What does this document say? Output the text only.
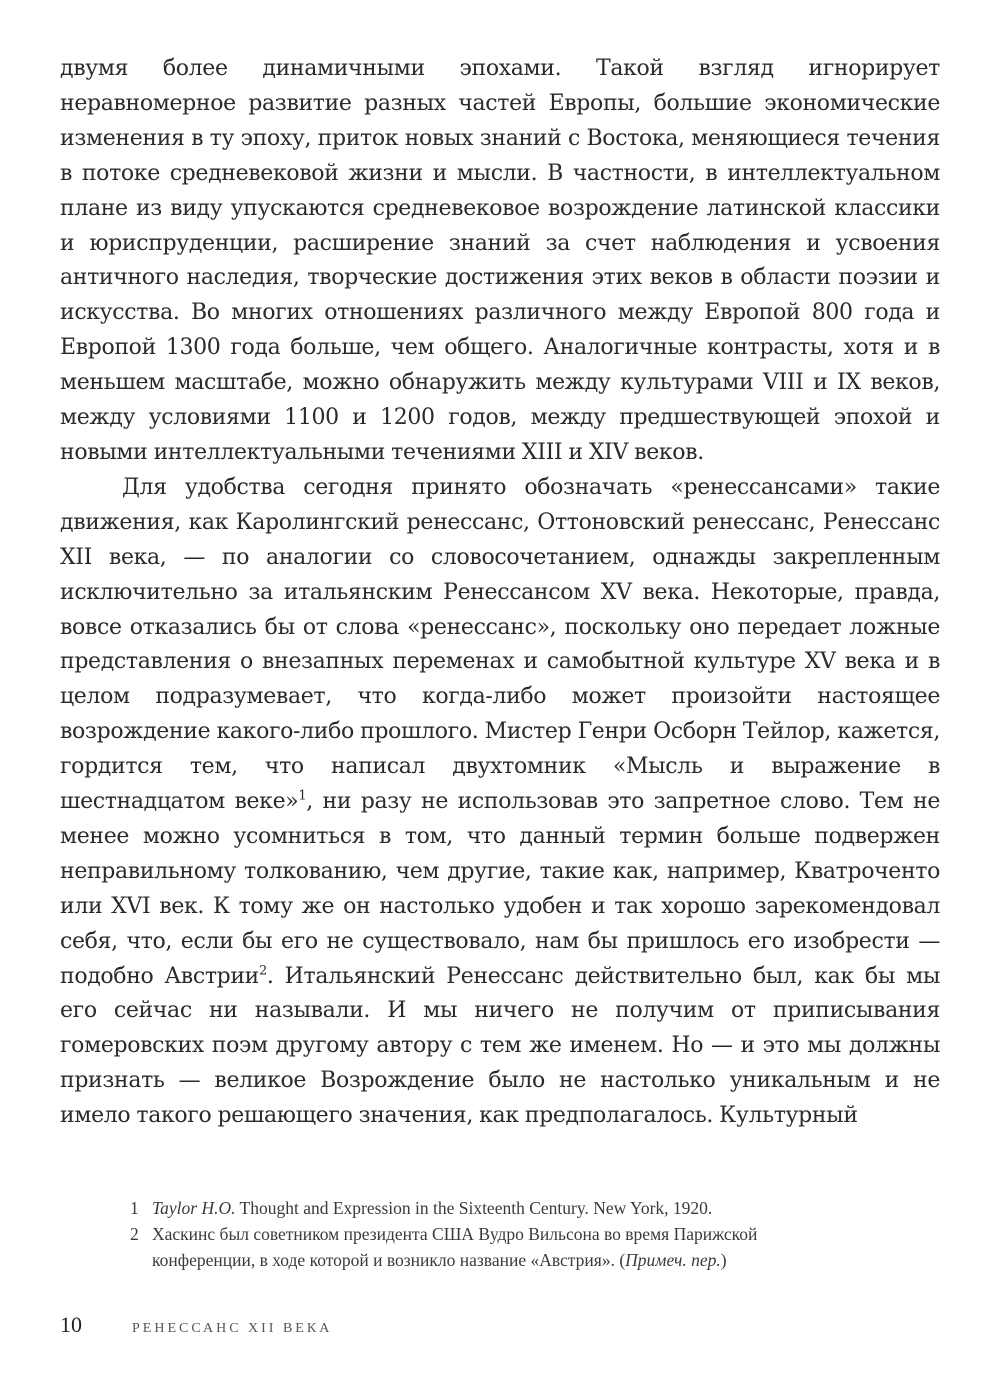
двумя более динамичными эпохами. Такой взгляд игнорирует неравномерное развитие разных частей Европы, большие экономические изменения в ту эпоху, приток новых знаний с Востока, меняющиеся течения в потоке средневековой жизни и мысли. В частности, в интеллектуальном плане из виду упускаются средневековое возрождение латинской классики и юриспруденции, расширение знаний за счет наблюдения и усвоения античного наследия, творческие достижения этих веков в области поэзии и искусства. Во многих отношениях различного между Европой 800 года и Европой 1300 года больше, чем общего. Аналогичные контрасты, хотя и в меньшем масштабе, можно обнаружить между культурами VIII и IX веков, между условиями 1100 и 1200 годов, между предшествующей эпохой и новыми интеллектуальными течениями XIII и XIV веков.

Для удобства сегодня принято обозначать «ренессансами» такие движения, как Каролингский ренессанс, Оттоновский ренессанс, Ренессанс XII века, — по аналогии со словосочетанием, однажды закрепленным исключительно за итальянским Ренессансом XV века. Некоторые, правда, вовсе отказались бы от слова «ренессанс», поскольку оно передает ложные представления о внезапных переменах и самобытной культуре XV века и в целом подразумевает, что когда-либо может произойти настоящее возрождение какого-либо прошлого. Мистер Генри Осборн Тейлор, кажется, гордится тем, что написал двухтомник «Мысль и выражение в шестнадцатом веке»$^1$, ни разу не использовав это запретное слово. Тем не менее можно усомниться в том, что данный термин больше подвержен неправильному толкованию, чем другие, такие как, например, Кватроченто или XVI век. К тому же он настолько удобен и так хорошо зарекомендовал себя, что, если бы его не существовало, нам бы пришлось его изобрести — подобно Австрии$^2$. Итальянский Ренессанс действительно был, как бы мы его сейчас ни называли. И мы ничего не получим от приписывания гомеровских поэм другому автору с тем же именем. Но — и это мы должны признать — великое Возрождение было не настолько уникальным и не имело такого решающего значения, как предполагалось. Культурный

1 Taylor H.O. Thought and Expression in the Sixteenth Century. New York, 1920.
2 Хаскинс был советником президента США Вудро Вильсона во время Парижской конференции, в ходе которой и возникло название «Австрия». (Примеч. пер.)
10	РЕНЕССАНС XII ВЕКА
